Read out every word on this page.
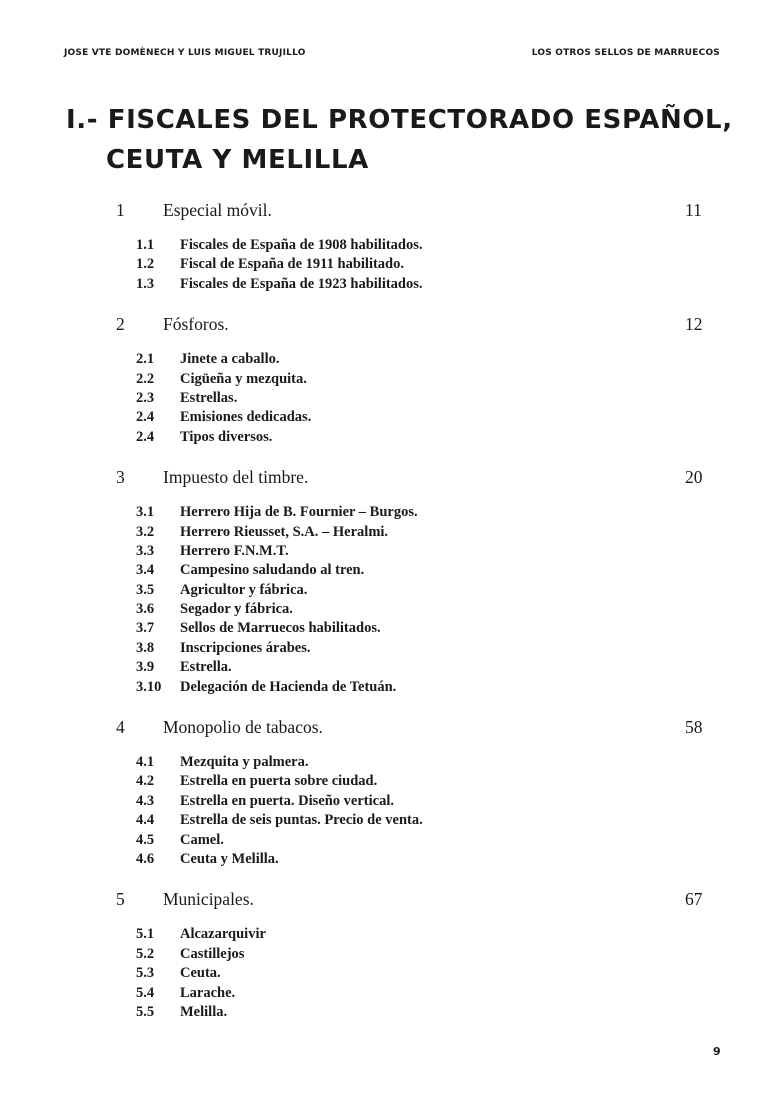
JOSE VTE DOMÈNECH Y LUIS MIGUEL TRUJILLO	LOS OTROS SELLOS DE MARRUECOS
I.- FISCALES DEL PROTECTORADO ESPAÑOL,
CEUTA Y MELILLA
1 Especial móvil.	11
1.1 Fiscales de España de 1908 habilitados.
1.2 Fiscal de España de 1911 habilitado.
1.3 Fiscales de España de 1923 habilitados.
2 Fósforos.	12
2.1 Jinete a caballo.
2.2 Cigüeña y mezquita.
2.3 Estrellas.
2.4 Emisiones dedicadas.
2.4 Tipos diversos.
3 Impuesto del timbre.	20
3.1 Herrero Hija de B. Fournier – Burgos.
3.2 Herrero Rieusset, S.A. – Heralmi.
3.3 Herrero F.N.M.T.
3.4 Campesino saludando al tren.
3.5 Agricultor y fábrica.
3.6 Segador y fábrica.
3.7 Sellos de Marruecos habilitados.
3.8 Inscripciones árabes.
3.9 Estrella.
3.10 Delegación de Hacienda de Tetuán.
4 Monopolio de tabacos.	58
4.1 Mezquita y palmera.
4.2 Estrella en puerta sobre ciudad.
4.3 Estrella en puerta. Diseño vertical.
4.4 Estrella de seis puntas. Precio de venta.
4.5 Camel.
4.6 Ceuta y Melilla.
5 Municipales.	67
5.1 Alcazarquivir
5.2 Castillejos
5.3 Ceuta.
5.4 Larache.
5.5 Melilla.
9
